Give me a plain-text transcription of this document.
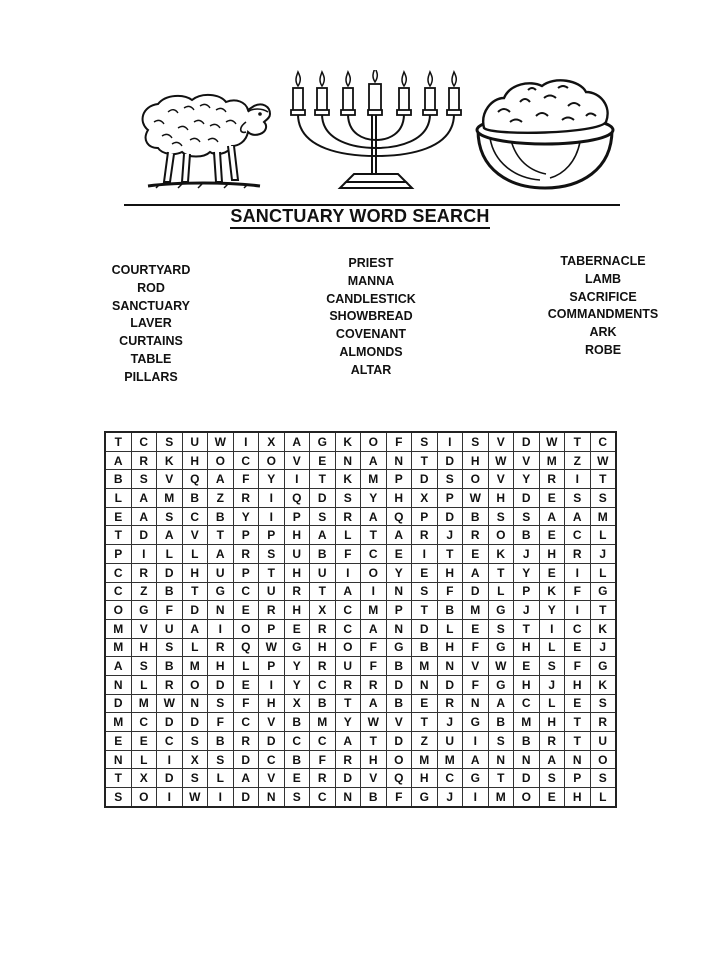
SANCTUARY WORD SEARCH
COURTYARD
ROD
SANCTUARY
LAVER
CURTAINS
TABLE
PILLARS
PRIEST
MANNA
CANDLESTICK
SHOWBREAD
COVENANT
ALMONDS
ALTAR
TABERNACLE
LAMB
SACRIFICE
COMMANDMENTS
ARK
ROBE
T	C	S	U	W	I	X	A	G	K	O	F	S	I	S	V	D	W	T	C
A	R	K	H	O	C	O	V	E	N	A	N	T	D	H	W	V	M	Z	W
B	S	V	Q	A	F	Y	I	T	K	M	P	D	S	O	V	Y	R	I	T
L	A	M	B	Z	R	I	Q	D	S	Y	H	X	P	W	H	D	E	S	S
E	A	S	C	B	Y	I	P	S	R	A	Q	P	D	B	S	S	A	A	M
T	D	A	V	T	P	P	H	A	L	T	A	R	J	R	O	B	E	C	L
P	I	L	L	A	R	S	U	B	F	C	E	I	T	E	K	J	H	R	J
C	R	D	H	U	P	T	H	U	I	O	Y	E	H	A	T	Y	E	I	L
C	Z	B	T	G	C	U	R	T	A	I	N	S	F	D	L	P	K	F	G
O	G	F	D	N	E	R	H	X	C	M	P	T	B	M	G	J	Y	I	T
M	V	U	A	I	O	P	E	R	C	A	N	D	L	E	S	T	I	C	K
M	H	S	L	R	Q	W	G	H	O	F	G	B	H	F	G	H	L	E	J
A	S	B	M	H	L	P	Y	R	U	F	B	M	N	V	W	E	S	F	G
N	L	R	O	D	E	I	Y	C	R	R	D	N	D	F	G	H	J	H	K
D	M	W	N	S	F	H	X	B	T	A	B	E	R	N	A	C	L	E	S
M	C	D	D	F	C	V	B	M	Y	W	V	T	J	G	B	M	H	T	R
E	E	C	S	B	R	D	C	C	A	T	D	Z	U	I	S	B	R	T	U
N	L	I	X	S	D	C	B	F	R	H	O	M	M	A	N	N	A	N	O
T	X	D	S	L	A	V	E	R	D	V	Q	H	C	G	T	D	S	P	S
S	O	I	W	I	D	N	S	C	N	B	F	G	J	I	M	O	E	H	L
